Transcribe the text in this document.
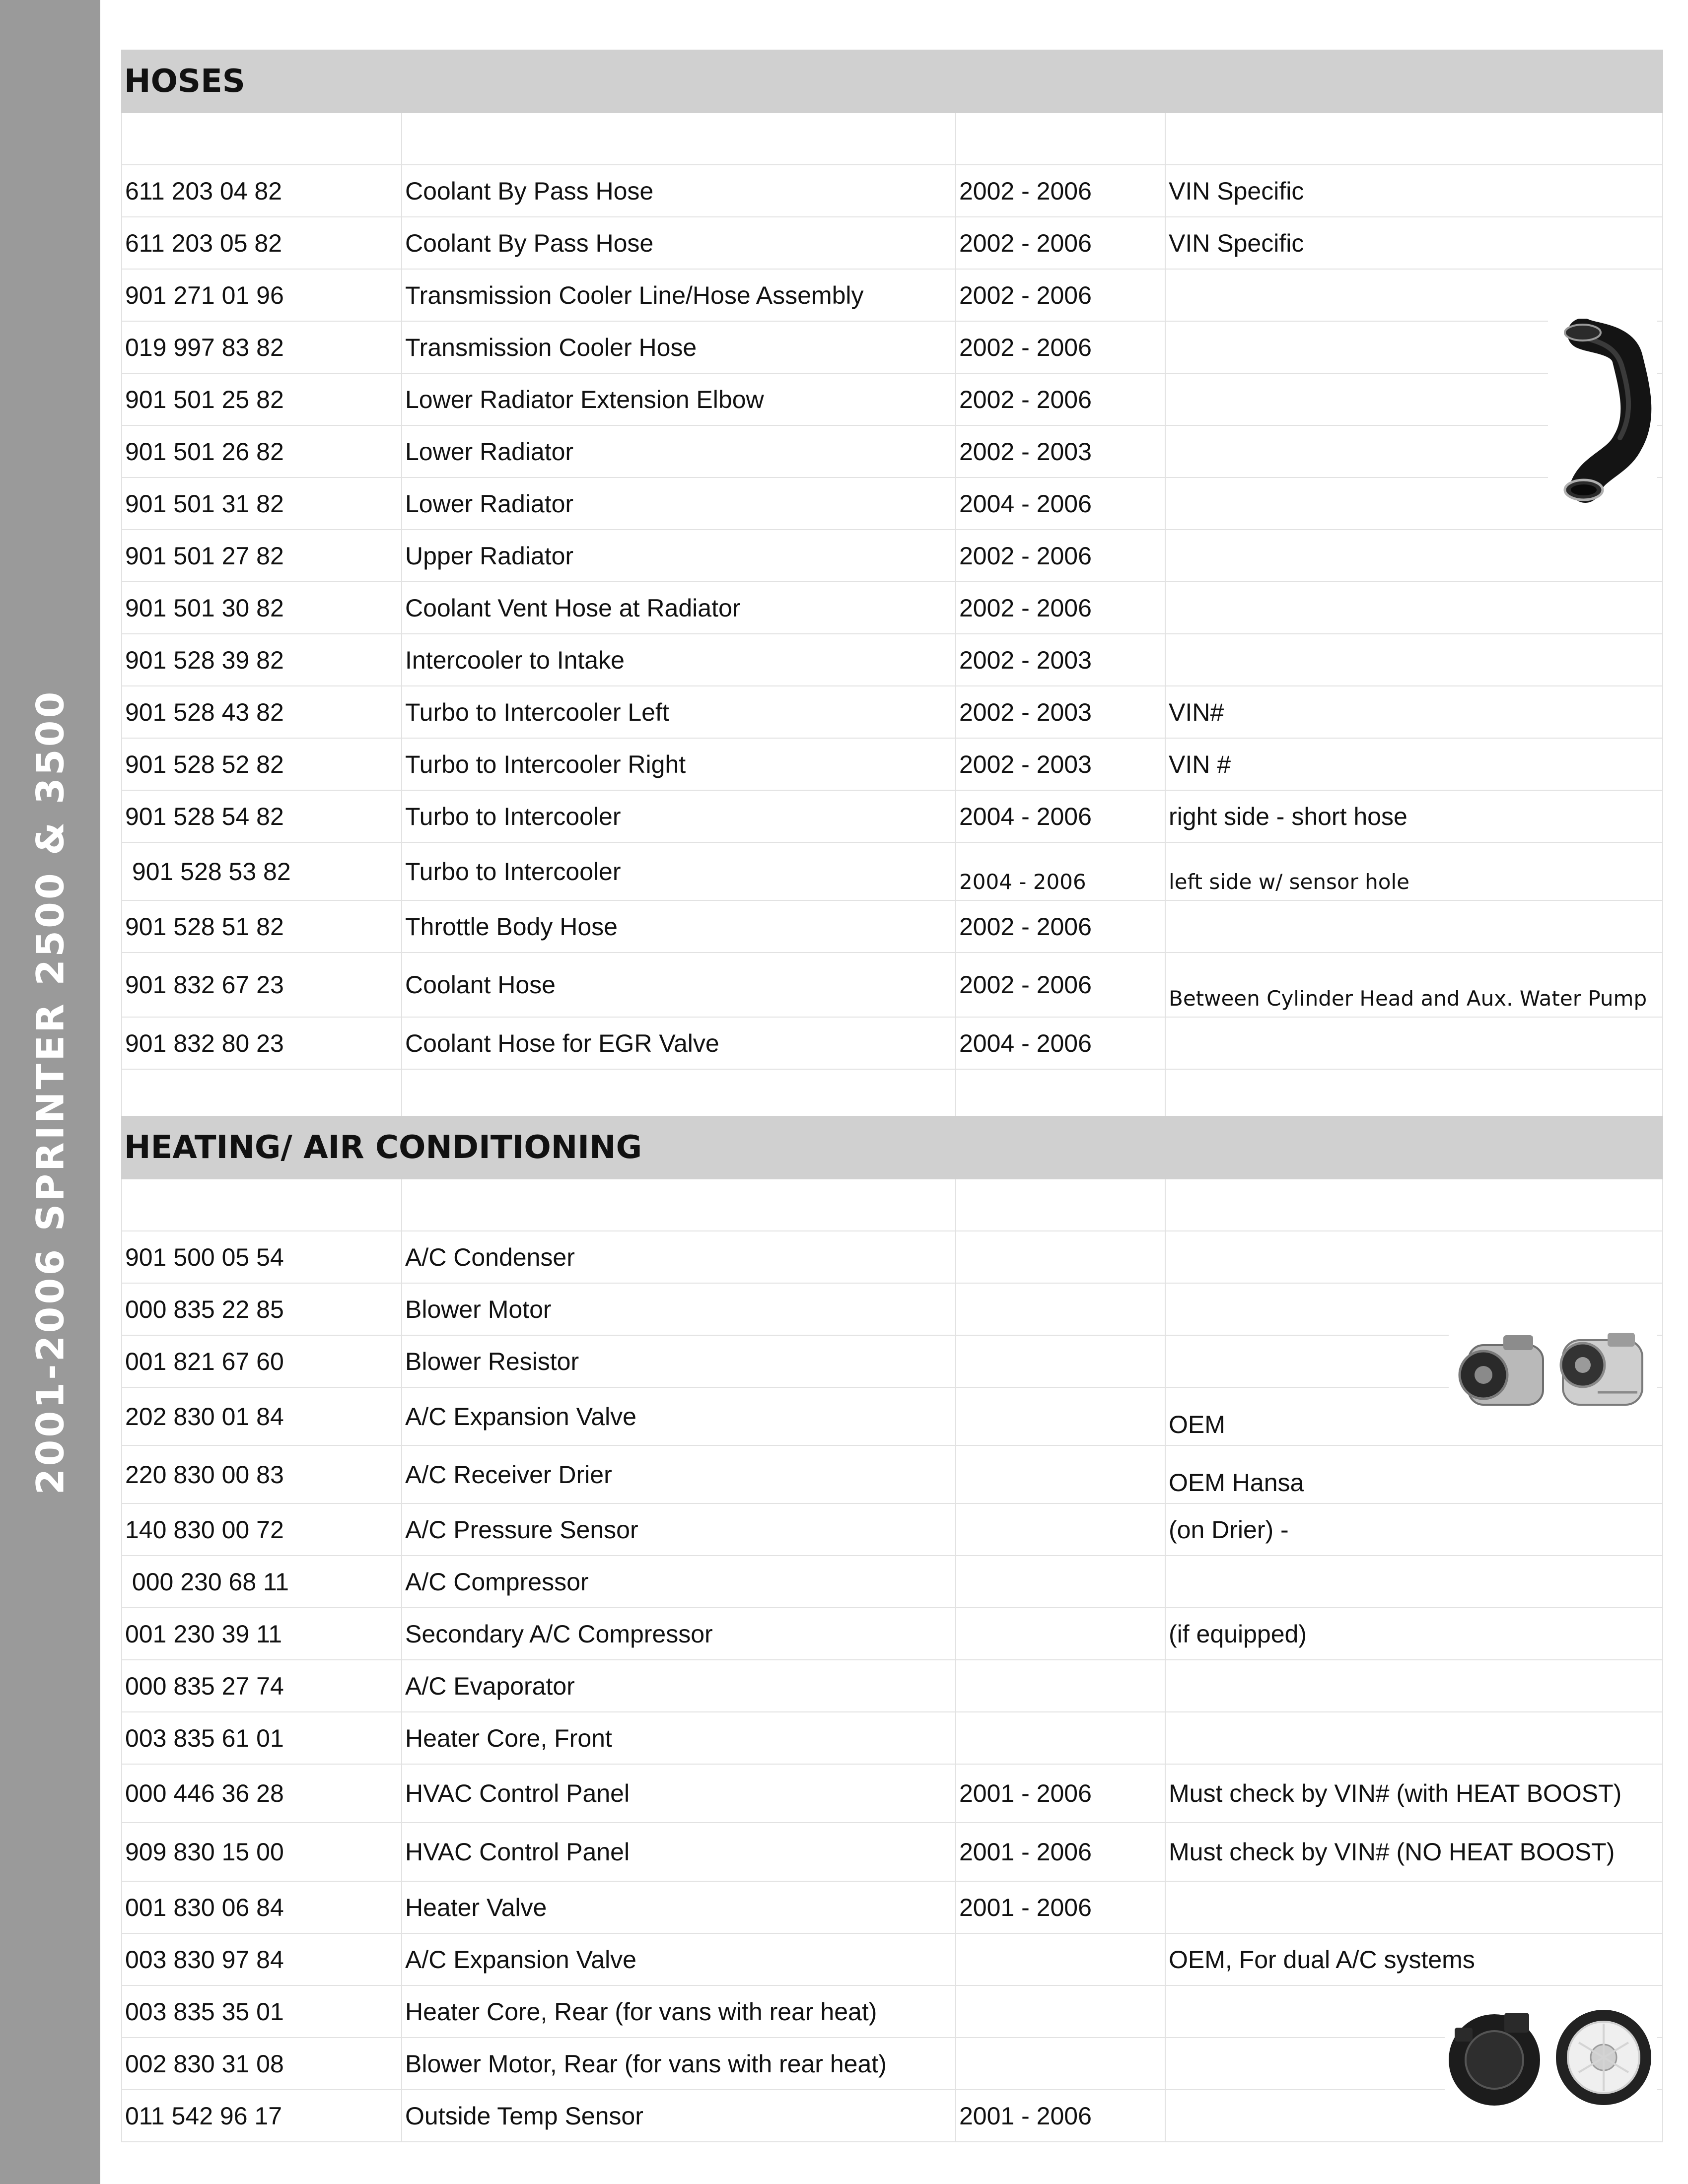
2001-2006 SPRINTER 2500 & 3500
HOSES			

611 203 04 82	Coolant By Pass Hose	2002 - 2006	VIN Specific
611 203 05 82	Coolant By Pass Hose	2002 - 2006	VIN Specific
901 271 01 96	Transmission Cooler Line/Hose Assembly	2002 - 2006	
019 997 83 82	Transmission Cooler Hose	2002 - 2006	
901 501 25 82	Lower Radiator Extension Elbow	2002 - 2006	
901 501 26 82	Lower Radiator	2002 - 2003	
901 501 31 82	Lower Radiator	2004 - 2006	
901 501 27 82	Upper Radiator	2002 - 2006	
901 501 30 82	Coolant Vent Hose at Radiator	2002 - 2006	
901 528 39 82	Intercooler to Intake	2002 - 2003	
901 528 43 82	Turbo to Intercooler Left	2002 - 2003	VIN#
901 528 52 82	Turbo to Intercooler Right	2002 - 2003	VIN #
901 528 54 82	Turbo to Intercooler	2004 - 2006	right side - short hose
901 528 53 82	Turbo to Intercooler	2004 - 2006	left side w/ sensor hole
901 528 51 82	Throttle Body Hose	2002 - 2006	
901 832 67 23	Coolant Hose	2002 - 2006	Between Cylinder Head and Aux. Water Pump
901 832 80 23	Coolant Hose for EGR Valve	2004 - 2006	

HEATING/ AIR CONDITIONING			

901 500 05 54	A/C Condenser		
000 835 22 85	Blower Motor		
001 821 67 60	Blower Resistor		
202 830 01 84	A/C Expansion Valve		OEM
220 830 00 83	A/C Receiver Drier		OEM Hansa
140 830 00 72	A/C Pressure Sensor		(on Drier) -
000 230 68 11	A/C Compressor		
001 230 39 11	Secondary A/C Compressor		(if equipped)
000 835 27 74	A/C Evaporator		
003 835 61 01	Heater Core, Front		
000 446 36 28	HVAC Control Panel	2001 - 2006	Must check by VIN# (with HEAT BOOST)
909 830 15 00	HVAC Control Panel	2001 - 2006	Must check by VIN# (NO HEAT BOOST)
001 830 06 84	Heater Valve	2001 - 2006	
003 830 97 84	A/C Expansion Valve		OEM, For dual A/C systems
003 835 35 01	Heater Core, Rear (for vans with rear heat)		
002 830 31 08	Blower Motor, Rear (for vans with rear heat)		
011 542 96 17	Outside Temp Sensor	2001 - 2006	
